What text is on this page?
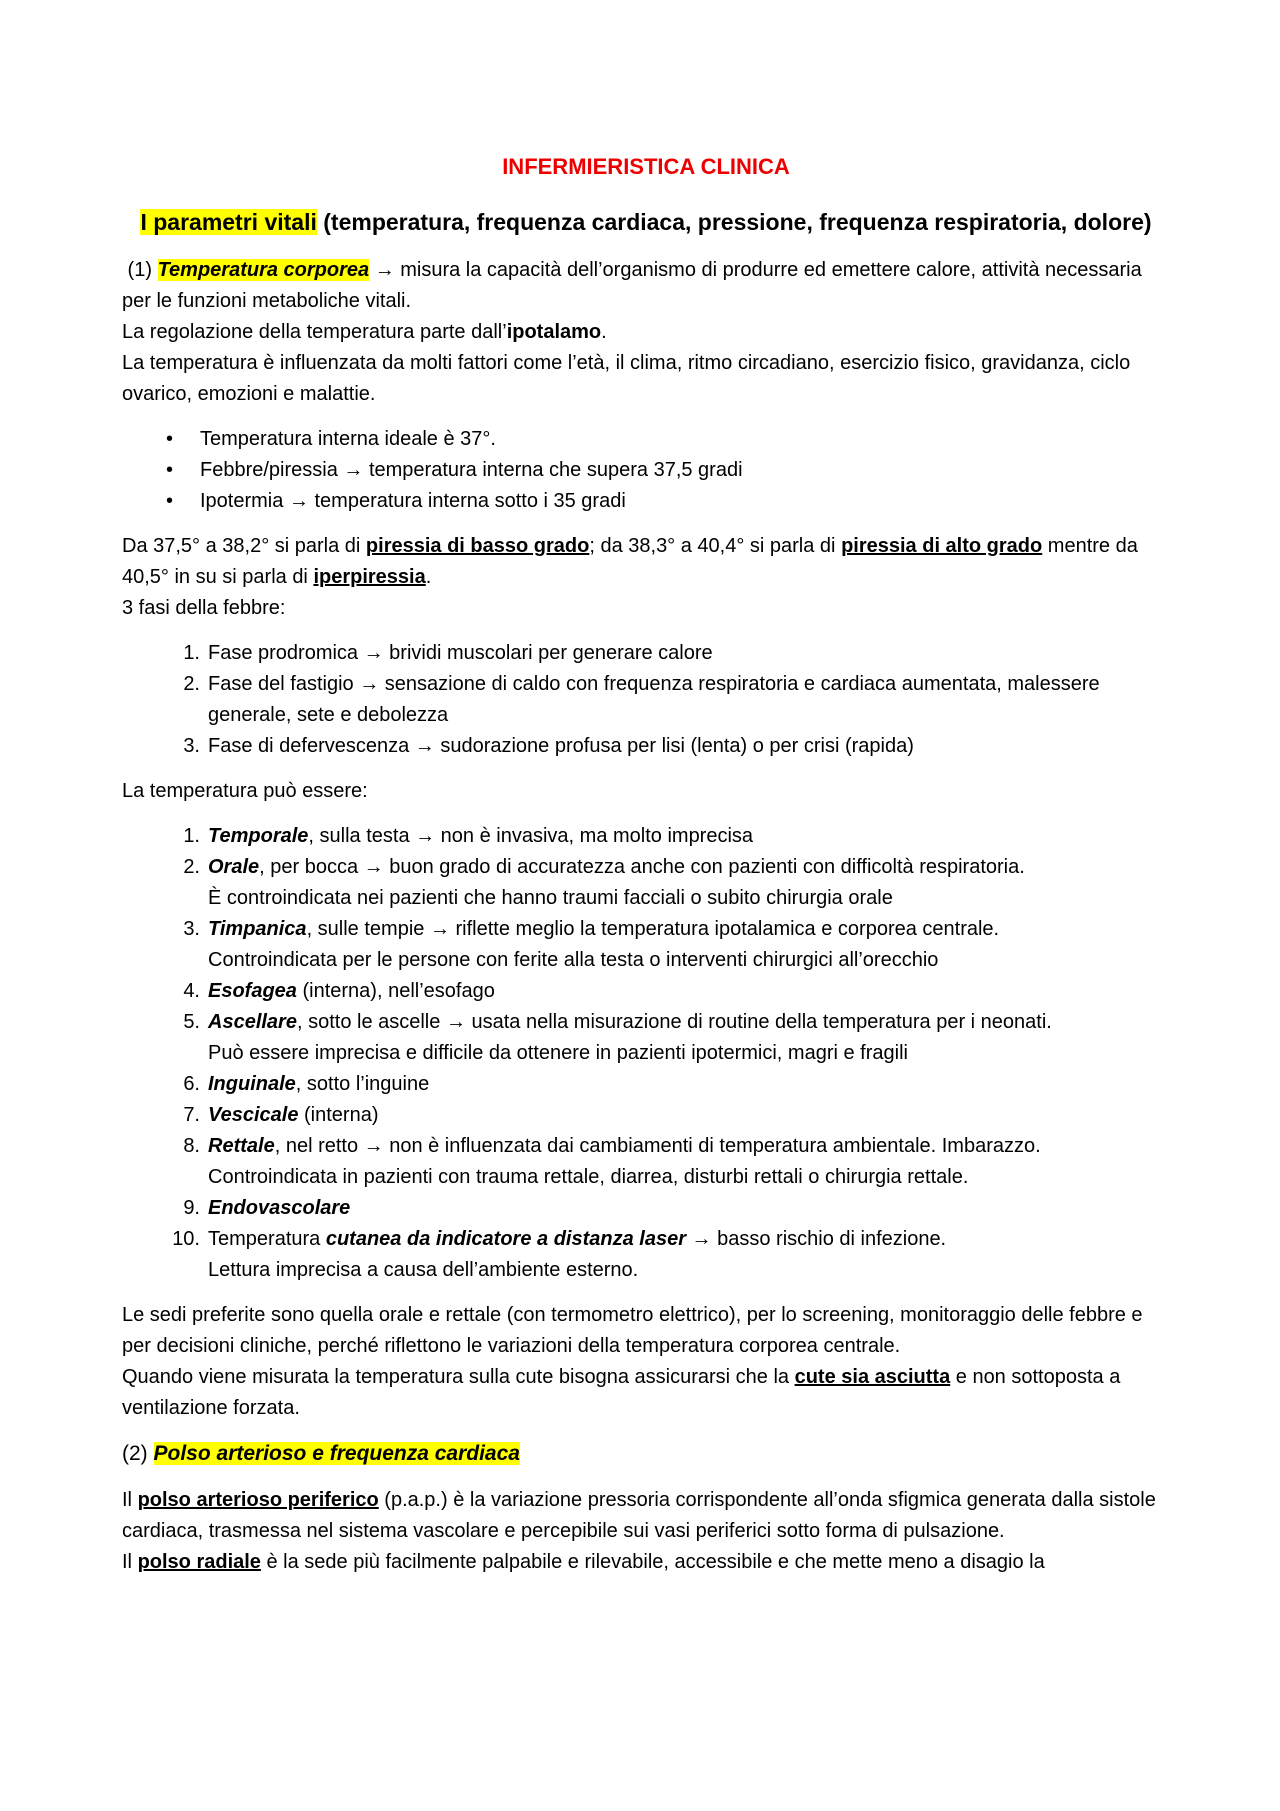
INFERMIERISTICA CLINICA
I parametri vitali (temperatura, frequenza cardiaca, pressione, frequenza respiratoria, dolore)

(1) Temperatura corporea → misura la capacità dell’organismo di produrre ed emettere calore, attività necessaria per le funzioni metaboliche vitali.

La regolazione della temperatura parte dall’ipotalamo.

La temperatura è influenzata da molti fattori come l’età, il clima, ritmo circadiano, esercizio fisico, gravidanza, ciclo ovarico, emozioni e malattie.

• Temperatura interna ideale è 37°.
• Febbre/piressia → temperatura interna che supera 37,5 gradi
• Ipotermia → temperatura interna sotto i 35 gradi

Da 37,5° a 38,2° si parla di piressia di basso grado; da 38,3° a 40,4° si parla di piressia di alto grado mentre da 40,5° in su si parla di iperpiressia.

3 fasi della febbre:

1. Fase prodromica → brividi muscolari per generare calore
2. Fase del fastigio → sensazione di caldo con frequenza respiratoria e cardiaca aumentata, malessere generale, sete e debolezza
3. Fase di defervescenza → sudorazione profusa per lisi (lenta) o per crisi (rapida)

La temperatura può essere:

1. Temporale, sulla testa → non è invasiva, ma molto imprecisa
2. Orale, per bocca → buon grado di accuratezza anche con pazienti con difficoltà respiratoria.
È controindicata nei pazienti che hanno traumi facciali o subito chirurgia orale
3. Timpanica, sulle tempie → riflette meglio la temperatura ipotalamica e corporea centrale.
Controindicata per le persone con ferite alla testa o interventi chirurgici all’orecchio
4. Esofagea (interna), nell’esofago
5. Ascellare, sotto le ascelle → usata nella misurazione di routine della temperatura per i neonati.
Può essere imprecisa e difficile da ottenere in pazienti ipotermici, magri e fragili
6. Inguinale, sotto l’inguine
7. Vescicale (interna)
8. Rettale, nel retto → non è influenzata dai cambiamenti di temperatura ambientale. Imbarazzo.
Controindicata in pazienti con trauma rettale, diarrea, disturbi rettali o chirurgia rettale.
9. Endovascolare
10. Temperatura cutanea da indicatore a distanza laser → basso rischio di infezione.
Lettura imprecisa a causa dell’ambiente esterno.

Le sedi preferite sono quella orale e rettale (con termometro elettrico), per lo screening, monitoraggio delle febbre e per decisioni cliniche, perché riflettono le variazioni della temperatura corporea centrale.

Quando viene misurata la temperatura sulla cute bisogna assicurarsi che la cute sia asciutta e non sottoposta a ventilazione forzata.

(2) Polso arterioso e frequenza cardiaca

Il polso arterioso periferico (p.a.p.) è la variazione pressoria corrispondente all’onda sfigmica generata dalla sistole cardiaca, trasmessa nel sistema vascolare e percepibile sui vasi periferici sotto forma di pulsazione.

Il polso radiale è la sede più facilmente palpabile e rilevabile, accessibile e che mette meno a disagio la
